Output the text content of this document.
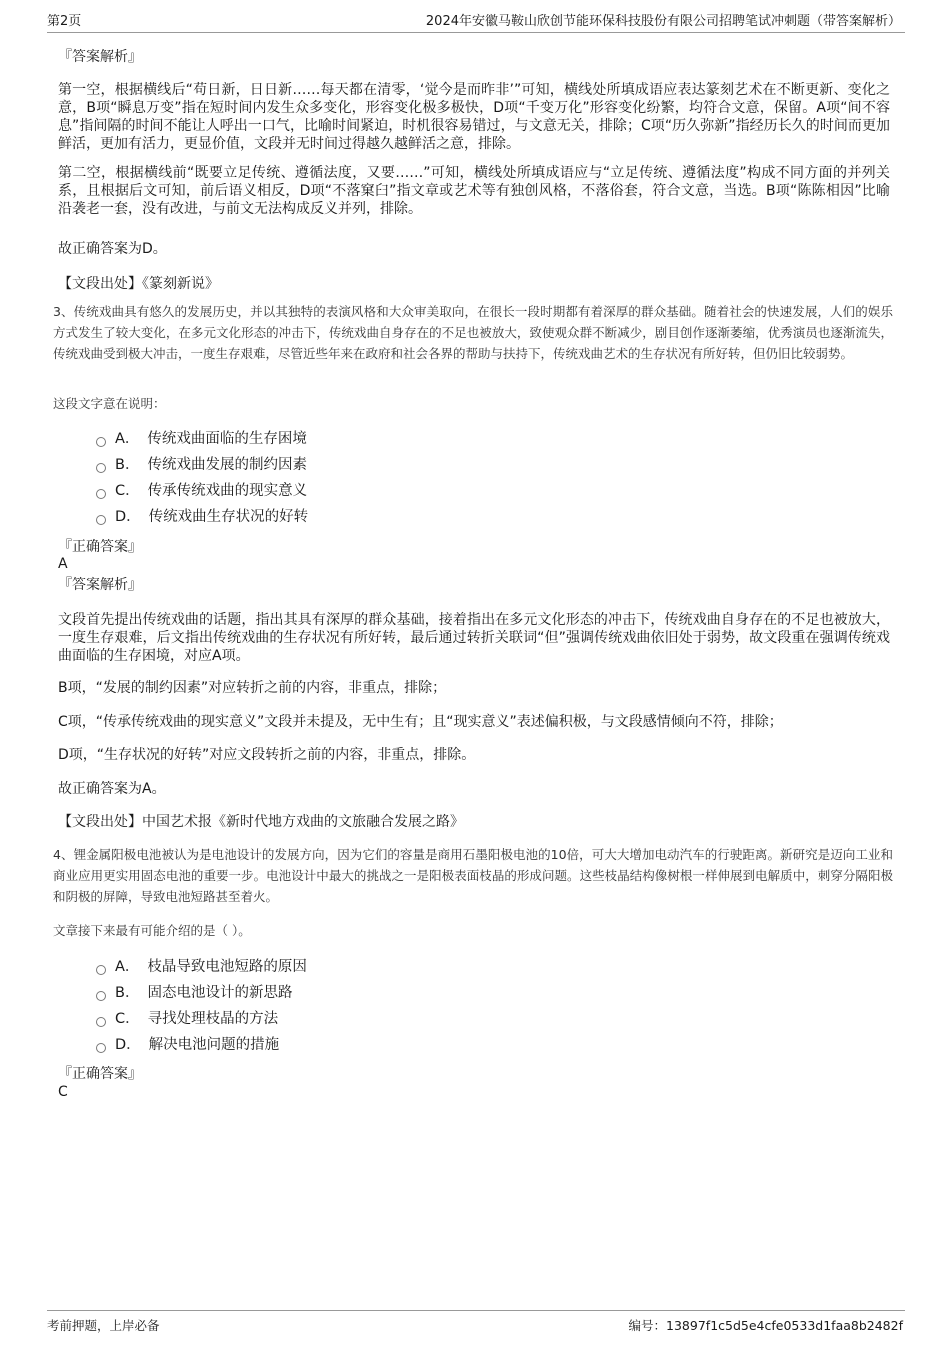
第2页	2024年安徽马鞍山欣创节能环保科技股份有限公司招聘笔试冲刺题（带答案解析）
『答案解析』

第一空，根据横线后“苟日新，日日新……每天都在清零，‘觉今是而昨非’”可知，横线处所填成语应表达篆刻艺术在不断更新、变化之意，B项“瞬息万变”指在短时间内发生众多变化，形容变化极多极快，D项“千变万化”形容变化纷繁，均符合文意，保留。A项“间不容息”指间隔的时间不能让人呼出一口气，比喻时间紧迫，时机很容易错过，与文意无关，排除；C项“历久弥新”指经历长久的时间而更加鲜活，更加有活力，更显价值，文段并无时间过得越久越鲜活之意，排除。

第二空，根据横线前“既要立足传统、遵循法度，又要……”可知，横线处所填成语应与“立足传统、遵循法度”构成不同方面的并列关系，且根据后文可知，前后语义相反，D项“不落窠臼”指文章或艺术等有独创风格，不落俗套，符合文意，当选。B项“陈陈相因”比喻沿袭老一套，没有改进，与前文无法构成反义并列，排除。

故正确答案为D。

【文段出处】《篆刻新说》

3、传统戏曲具有悠久的发展历史，并以其独特的表演风格和大众审美取向，在很长一段时期都有着深厚的群众基础。随着社会的快速发展，人们的娱乐方式发生了较大变化，在多元文化形态的冲击下，传统戏曲自身存在的不足也被放大，致使观众群不断减少，剧目创作逐渐萎缩，优秀演员也逐渐流失，传统戏曲受到极大冲击，一度生存艰难，尽管近些年来在政府和社会各界的帮助与扶持下，传统戏曲艺术的生存状况有所好转，但仍旧比较弱势。

这段文字意在说明：
A． 传统戏曲面临的生存困境
B． 传统戏曲发展的制约因素
C． 传承传统戏曲的现实意义
D． 传统戏曲生存状况的好转
『正确答案』
A
『答案解析』

文段首先提出传统戏曲的话题，指出其具有深厚的群众基础，接着指出在多元文化形态的冲击下，传统戏曲自身存在的不足也被放大，一度生存艰难，后文指出传统戏曲的生存状况有所好转，最后通过转折关联词“但”强调传统戏曲依旧处于弱势，故文段重在强调传统戏曲面临的生存困境，对应A项。

B项，“发展的制约因素”对应转折之前的内容，非重点，排除；

C项，“传承传统戏曲的现实意义”文段并未提及，无中生有；且“现实意义”表述偏积极，与文段感情倾向不符，排除；

D项，“生存状况的好转”对应文段转折之前的内容，非重点，排除。

故正确答案为A。

【文段出处】中国艺术报《新时代地方戏曲的文旅融合发展之路》

4、锂金属阳极电池被认为是电池设计的发展方向，因为它们的容量是商用石墨阳极电池的10倍，可大大增加电动汽车的行驶距离。新研究是迈向工业和商业应用更实用固态电池的重要一步。电池设计中最大的挑战之一是阳极表面枝晶的形成问题。这些枝晶结构像树根一样伸展到电解质中，刺穿分隔阳极和阴极的屏障，导致电池短路甚至着火。

文章接下来最有可能介绍的是（ ）。
A． 枝晶导致电池短路的原因
B． 固态电池设计的新思路
C． 寻找处理枝晶的方法
D． 解决电池问题的措施
『正确答案』
C
考前押题，上岸必备	编号：13897f1c5d5e4cfe0533d1faa8b2482f
